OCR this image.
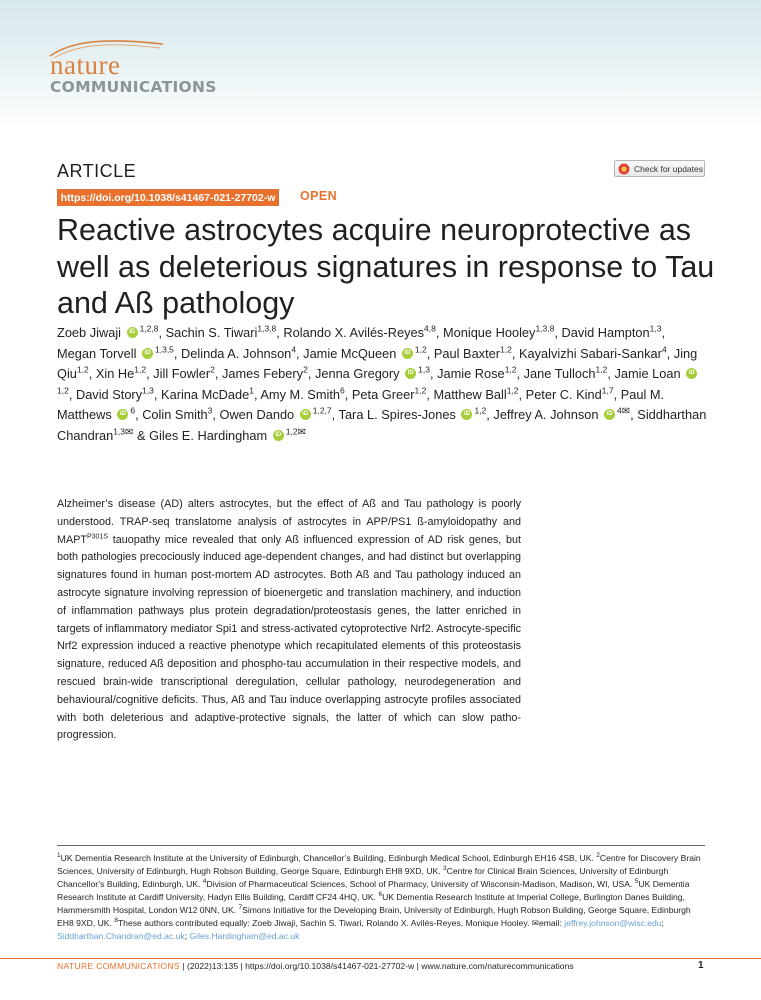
nature
COMMUNICATIONS
ARTICLE	Check for updates
https://doi.org/10.1038/s41467-021-27702-w OPEN
Reactive astrocytes acquire neuroprotective as well as deleterious signatures in response to Tau and Aß pathology
Zoeb Jiwaji iD $^{1,2,8}$, Sachin S. Tiwari$^{1,3,8}$, Rolando X. Avilés-Reyes$^{4,8}$, Monique Hooley$^{1,3,8}$, David Hampton$^{1,3}$, Megan Torvell iD $^{1,3,5}$, Delinda A. Johnson$^4$, Jamie McQueen iD $^{1,2}$, Paul Baxter$^{1,2}$, Kayalvizhi Sabari-Sankar$^4$, Jing Qiu$^{1,2}$, Xin He$^{1,2}$, Jill Fowler$^2$, James Febery$^2$, Jenna Gregory iD $^{1,3}$, Jamie Rose$^{1,2}$, Jane Tulloch$^{1,2}$, Jamie Loan iD$^{1,2}$, David Story$^{1,3}$, Karina McDade$^1$, Amy M. Smith$^6$, Peta Greer$^{1,2}$, Matthew Ball$^{1,2}$, Peter C. Kind$^{1,7}$, Paul M. Matthews iD $^6$, Colin Smith$^3$, Owen Dando iD $^{1,2,7}$, Tara L. Spires-Jones iD $^{1,2}$, Jeffrey A. Johnson iD $^4$✉, Siddharthan Chandran$^{1,3}$✉ & Giles E. Hardingham iD $^{1,2}$✉

Alzheimer’s disease (AD) alters astrocytes, but the effect of Aß and Tau pathology is poorly understood. TRAP-seq translatome analysis of astrocytes in APP/PS1 ß-amyloidopathy and $MAPT^{P301S}$ tauopathy mice revealed that only Aß influenced expression of AD risk genes, but both pathologies precociously induced age-dependent changes, and had distinct but overlapping signatures found in human post-mortem AD astrocytes. Both Aß and Tau pathology induced an astrocyte signature involving repression of bioenergetic and translation machinery, and induction of inflammation pathways plus protein degradation/proteostasis genes, the latter enriched in targets of inflammatory mediator Spi1 and stress-activated cytoprotective Nrf2. Astrocyte-specific Nrf2 expression induced a reactive phenotype which recapitulated elements of this proteostasis signature, reduced Aß deposition and phospho-tau accumulation in their respective models, and rescued brain-wide transcriptional deregulation, cellular pathology, neurodegeneration and behavioural/cognitive deficits. Thus, Aß and Tau induce overlapping astrocyte profiles associated with both deleterious and adaptive-protective signals, the latter of which can slow patho-progression.

$^1$UK Dementia Research Institute at the University of Edinburgh, Chancellor’s Building, Edinburgh Medical School, Edinburgh EH16 4SB, UK. $^2$Centre for Discovery Brain Sciences, University of Edinburgh, Hugh Robson Building, George Square, Edinburgh EH8 9XD, UK. $^3$Centre for Clinical Brain Sciences, University of Edinburgh Chancellor’s Building, Edinburgh, UK. $^4$Division of Pharmaceutical Sciences, School of Pharmacy, University of Wisconsin-Madison, Madison, WI, USA. $^5$UK Dementia Research Institute at Cardiff University, Hadyn Ellis Building, Cardiff CF24 4HQ, UK. $^6$UK Dementia Research Institute at Imperial College, Burlington Danes Building, Hammersmith Hospital, London W12 0NN, UK. $^7$Simons Initiative for the Developing Brain, University of Edinburgh, Hugh Robson Building, George Square, Edinburgh EH8 9XD, UK. $^8$These authors contributed equally: Zoeb Jiwaji, Sachin S. Tiwari, Rolando X. Avilés-Reyes, Monique Hooley. ✉email: jeffrey.johnson@wisc.edu; Siddharthan.Chandran@ed.ac.uk; Giles.Hardingham@ed.ac.uk

NATURE COMMUNICATIONS | (2022)13:135 | https://doi.org/10.1038/s41467-021-27702-w | www.nature.com/naturecommunications	1
